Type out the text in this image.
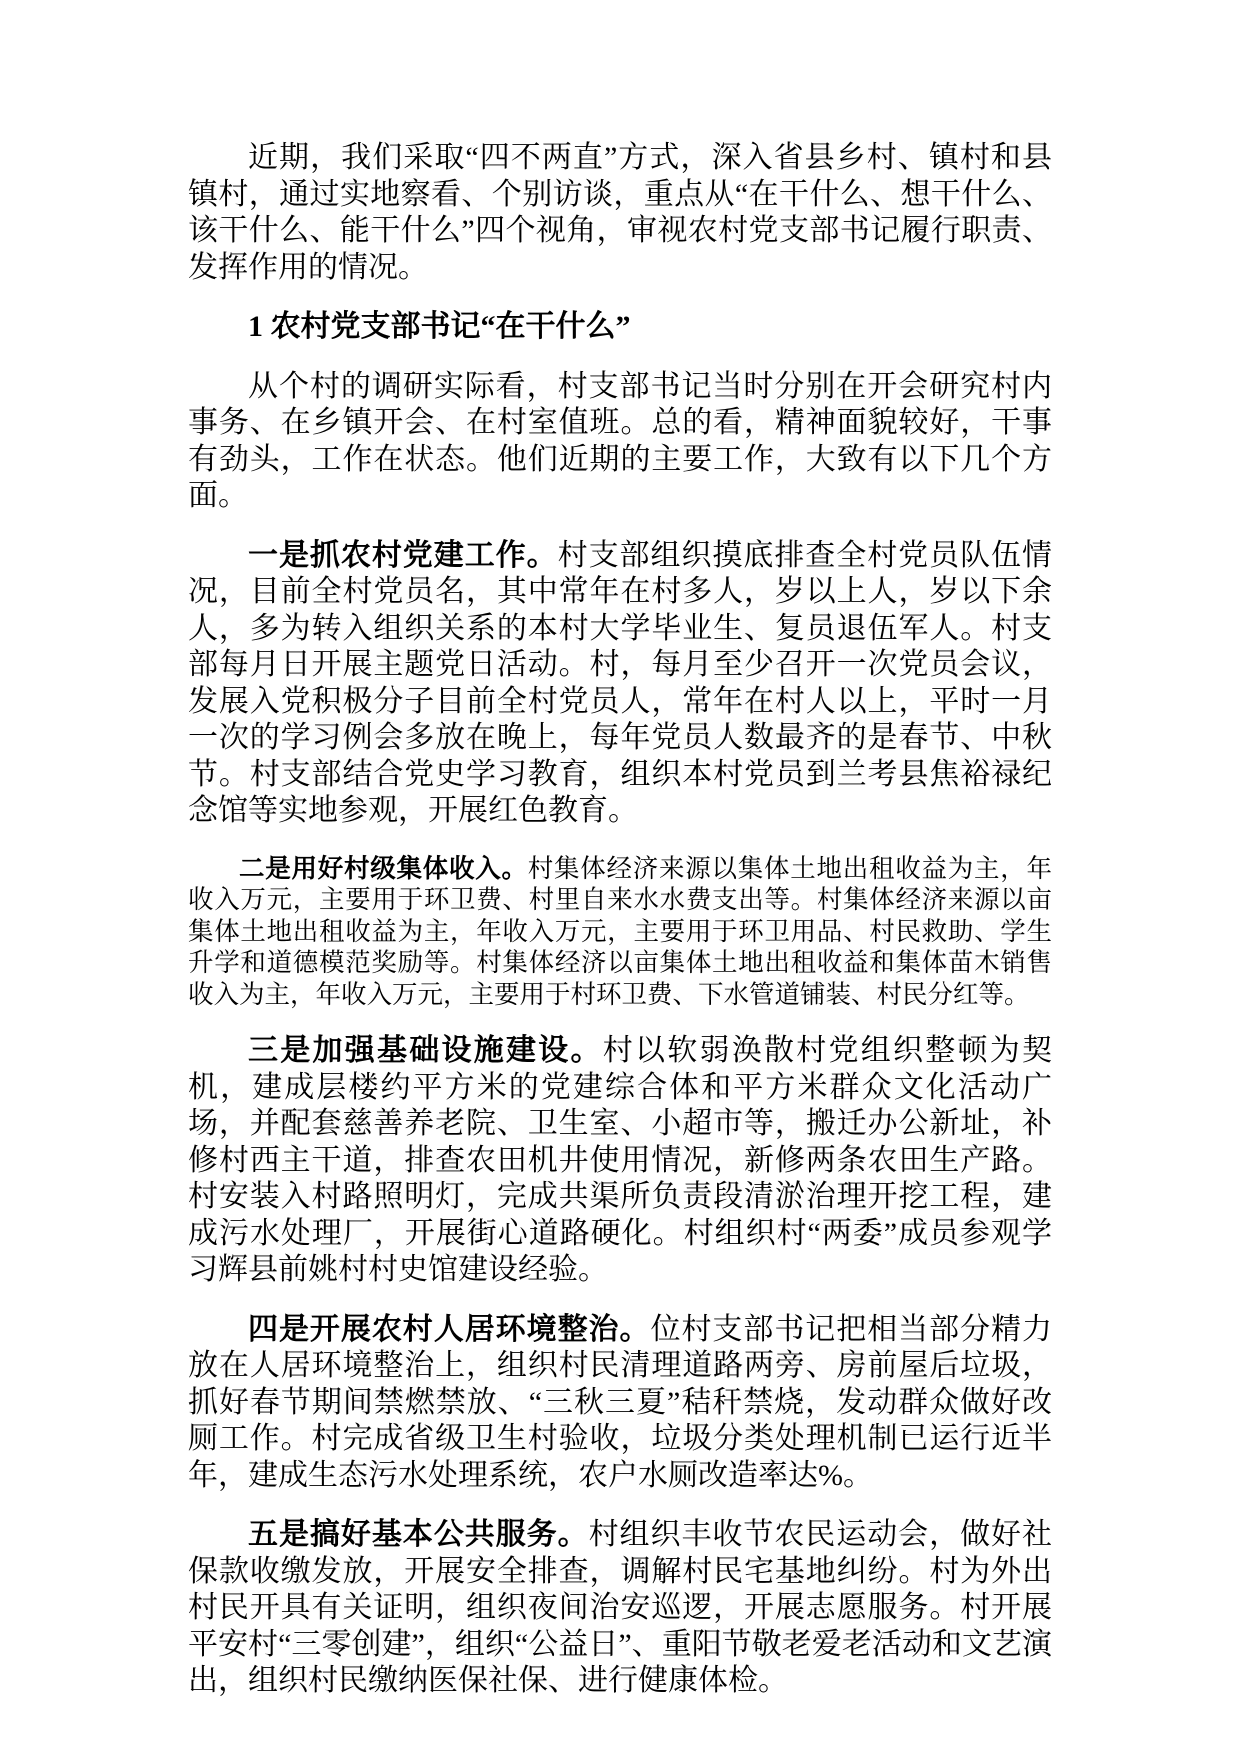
近期，我们采取“四不两直”方式，深入省县乡村、镇村和县镇村，通过实地察看、个别访谈，重点从“在干什么、想干什么、该干什么、能干什么”四个视角，审视农村党支部书记履行职责、发挥作用的情况。

1 农村党支部书记“在干什么”

从个村的调研实际看，村支部书记当时分别在开会研究村内事务、在乡镇开会、在村室值班。总的看，精神面貌较好，干事有劲头，工作在状态。他们近期的主要工作，大致有以下几个方面。

一是抓农村党建工作。村支部组织摸底排查全村党员队伍情况，目前全村党员名，其中常年在村多人，岁以上人，岁以下余人，多为转入组织关系的本村大学毕业生、复员退伍军人。村支部每月日开展主题党日活动。村，每月至少召开一次党员会议，发展入党积极分子目前全村党员人，常年在村人以上，平时一月一次的学习例会多放在晚上，每年党员人数最齐的是春节、中秋节。村支部结合党史学习教育，组织本村党员到兰考县焦裕禄纪念馆等实地参观，开展红色教育。

二是用好村级集体收入。村集体经济来源以集体土地出租收益为主，年收入万元，主要用于环卫费、村里自来水水费支出等。村集体经济来源以亩集体土地出租收益为主，年收入万元，主要用于环卫用品、村民救助、学生升学和道德模范奖励等。村集体经济以亩集体土地出租收益和集体苗木销售收入为主，年收入万元，主要用于村环卫费、下水管道铺装、村民分红等。

三是加强基础设施建设。村以软弱涣散村党组织整顿为契机，建成层楼约平方米的党建综合体和平方米群众文化活动广场，并配套慈善养老院、卫生室、小超市等，搬迁办公新址，补修村西主干道，排查农田机井使用情况，新修两条农田生产路。村安装入村路照明灯，完成共渠所负责段清淤治理开挖工程，建成污水处理厂，开展街心道路硬化。村组织村“两委”成员参观学习辉县前姚村村史馆建设经验。

四是开展农村人居环境整治。位村支部书记把相当部分精力放在人居环境整治上，组织村民清理道路两旁、房前屋后垃圾，抓好春节期间禁燃禁放、“三秋三夏”秸秆禁烧，发动群众做好改厕工作。村完成省级卫生村验收，垃圾分类处理机制已运行近半年，建成生态污水处理系统，农户水厕改造率达%。

五是搞好基本公共服务。村组织丰收节农民运动会，做好社保款收缴发放，开展安全排查，调解村民宅基地纠纷。村为外出村民开具有关证明，组织夜间治安巡逻，开展志愿服务。村开展平安村“三零创建”，组织“公益日”、重阳节敬老爱老活动和文艺演出，组织村民缴纳医保社保、进行健康体检。
